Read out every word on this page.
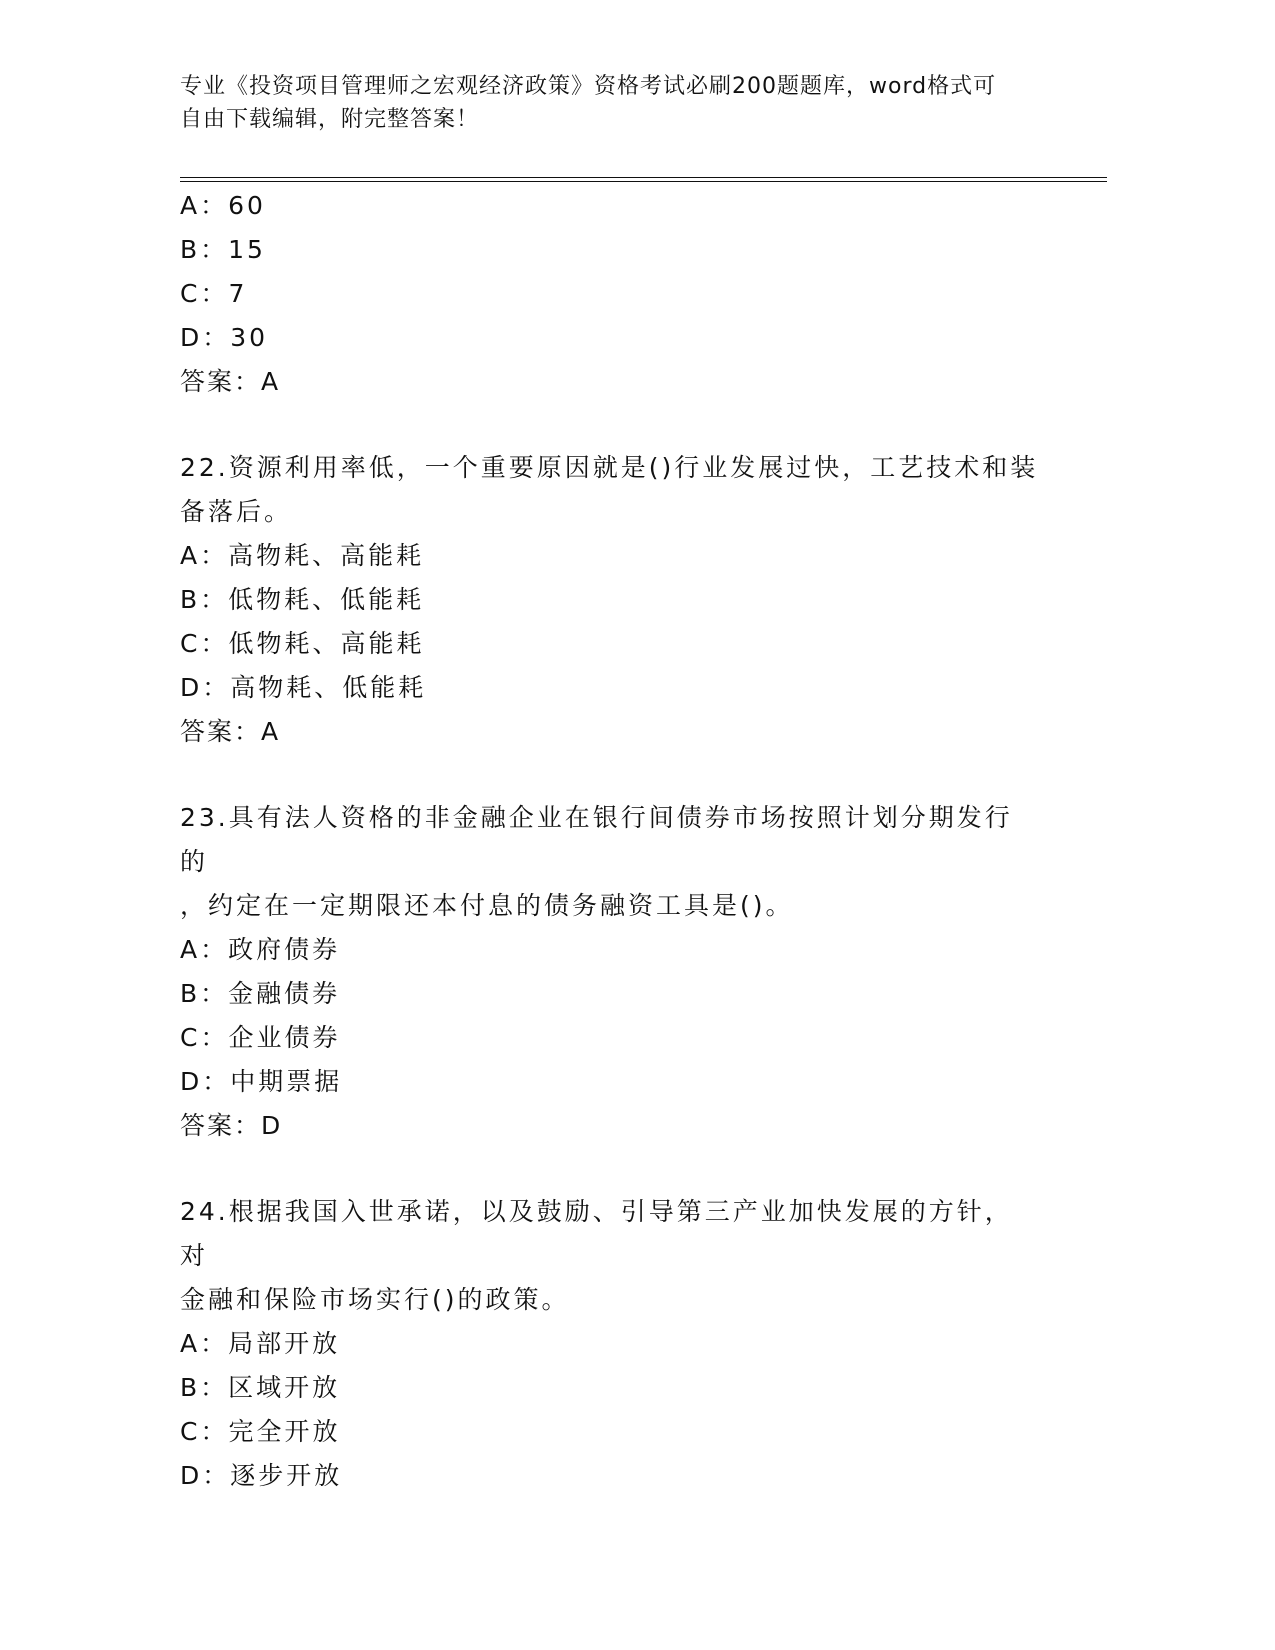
专业《投资项目管理师之宏观经济政策》资格考试必刷200题题库，word格式可
自由下载编辑，附完整答案！
A：60
B：15
C：7
D：30
答案：A
22.资源利用率低，一个重要原因就是()行业发展过快，工艺技术和装
备落后。
A：高物耗、高能耗
B：低物耗、低能耗
C：低物耗、高能耗
D：高物耗、低能耗
答案：A
23.具有法人资格的非金融企业在银行间债券市场按照计划分期发行的
，约定在一定期限还本付息的债务融资工具是()。
A：政府债券
B：金融债券
C：企业债券
D：中期票据
答案：D
24.根据我国入世承诺，以及鼓励、引导第三产业加快发展的方针，对
金融和保险市场实行()的政策。
A：局部开放
B：区域开放
C：完全开放
D：逐步开放
